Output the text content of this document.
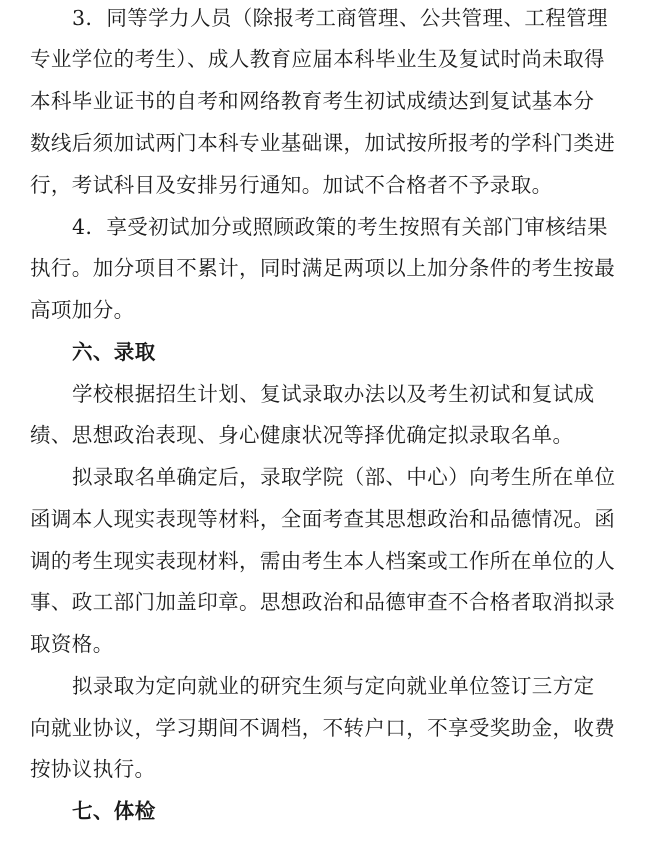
3．同等学力人员（除报考工商管理、公共管理、工程管理
专业学位的考生）、成人教育应届本科毕业生及复试时尚未取得
本科毕业证书的自考和网络教育考生初试成绩达到复试基本分
数线后须加试两门本科专业基础课，加试按所报考的学科门类进
行，考试科目及安排另行通知。加试不合格者不予录取。
4．享受初试加分或照顾政策的考生按照有关部门审核结果
执行。加分项目不累计，同时满足两项以上加分条件的考生按最
高项加分。
六、录取
学校根据招生计划、复试录取办法以及考生初试和复试成
绩、思想政治表现、身心健康状况等择优确定拟录取名单。
拟录取名单确定后，录取学院（部、中心）向考生所在单位
函调本人现实表现等材料，全面考查其思想政治和品德情况。函
调的考生现实表现材料，需由考生本人档案或工作所在单位的人
事、政工部门加盖印章。思想政治和品德审查不合格者取消拟录
取资格。
拟录取为定向就业的研究生须与定向就业单位签订三方定
向就业协议，学习期间不调档，不转户口，不享受奖助金，收费
按协议执行。
七、体检
